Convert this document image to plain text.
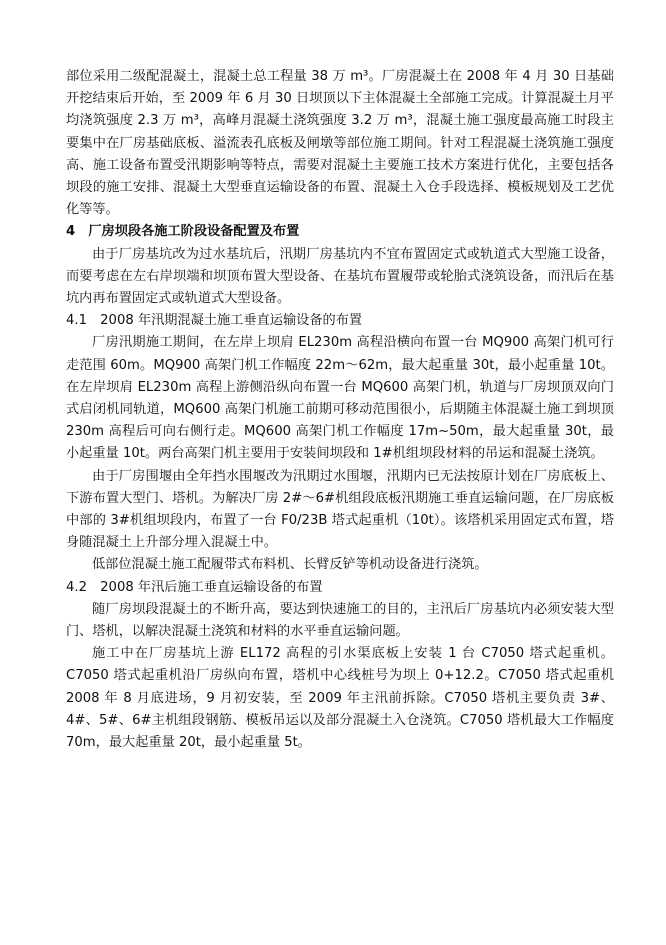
部位采用二级配混凝土，混凝土总工程量 38 万 m³。厂房混凝土在 2008 年 4 月 30 日基础开挖结束后开始，至 2009 年 6 月 30 日坝顶以下主体混凝土全部施工完成。计算混凝土月平均浇筑强度 2.3 万 m³，高峰月混凝土浇筑强度 3.2 万 m³，混凝土施工强度最高施工时段主要集中在厂房基础底板、溢流表孔底板及闸墩等部位施工期间。针对工程混凝土浇筑施工强度高、施工设备布置受汛期影响等特点，需要对混凝土主要施工技术方案进行优化，主要包括各坝段的施工安排、混凝土大型垂直运输设备的布置、混凝土入仓手段选择、模板规划及工艺优化等等。

4　厂房坝段各施工阶段设备配置及布置

由于厂房基坑改为过水基坑后，汛期厂房基坑内不宜布置固定式或轨道式大型施工设备，而要考虑在左右岸坝端和坝顶布置大型设备、在基坑布置履带或轮胎式浇筑设备，而汛后在基坑内再布置固定式或轨道式大型设备。

4.1　2008 年汛期混凝土施工垂直运输设备的布置

厂房汛期施工期间，在左岸上坝肩 EL230m 高程沿横向布置一台 MQ900 高架门机可行走范围 60m。MQ900 高架门机工作幅度 22m～62m，最大起重量 30t，最小起重量 10t。在左岸坝肩 EL230m 高程上游侧沿纵向布置一台 MQ600 高架门机，轨道与厂房坝顶双向门式启闭机同轨道，MQ600 高架门机施工前期可移动范围很小，后期随主体混凝土施工到坝顶 230m 高程后可向右侧行走。MQ600 高架门机工作幅度 17m~50m，最大起重量 30t，最小起重量 10t。两台高架门机主要用于安装间坝段和 1#机组坝段材料的吊运和混凝土浇筑。

由于厂房围堰由全年挡水围堰改为汛期过水围堰，汛期内已无法按原计划在厂房底板上、下游布置大型门、塔机。为解决厂房 2#～6#机组段底板汛期施工垂直运输问题，在厂房底板中部的 3#机组坝段内，布置了一台 F0/23B 塔式起重机（10t）。该塔机采用固定式布置，塔身随混凝土上升部分埋入混凝土中。

低部位混凝土施工配履带式布料机、长臂反铲等机动设备进行浇筑。

4.2　2008 年汛后施工垂直运输设备的布置

随厂房坝段混凝土的不断升高，要达到快速施工的目的，主汛后厂房基坑内必须安装大型门、塔机，以解决混凝土浇筑和材料的水平垂直运输问题。

施工中在厂房基坑上游 EL172 高程的引水渠底板上安装 1 台 C7050 塔式起重机。C7050 塔式起重机沿厂房纵向布置，塔机中心线桩号为坝上 0+12.2。C7050 塔式起重机 2008 年 8 月底进场，9 月初安装，至 2009 年主汛前拆除。C7050 塔机主要负责 3#、4#、5#、6#主机组段钢筋、模板吊运以及部分混凝土入仓浇筑。C7050 塔机最大工作幅度 70m，最大起重量 20t，最小起重量 5t。
